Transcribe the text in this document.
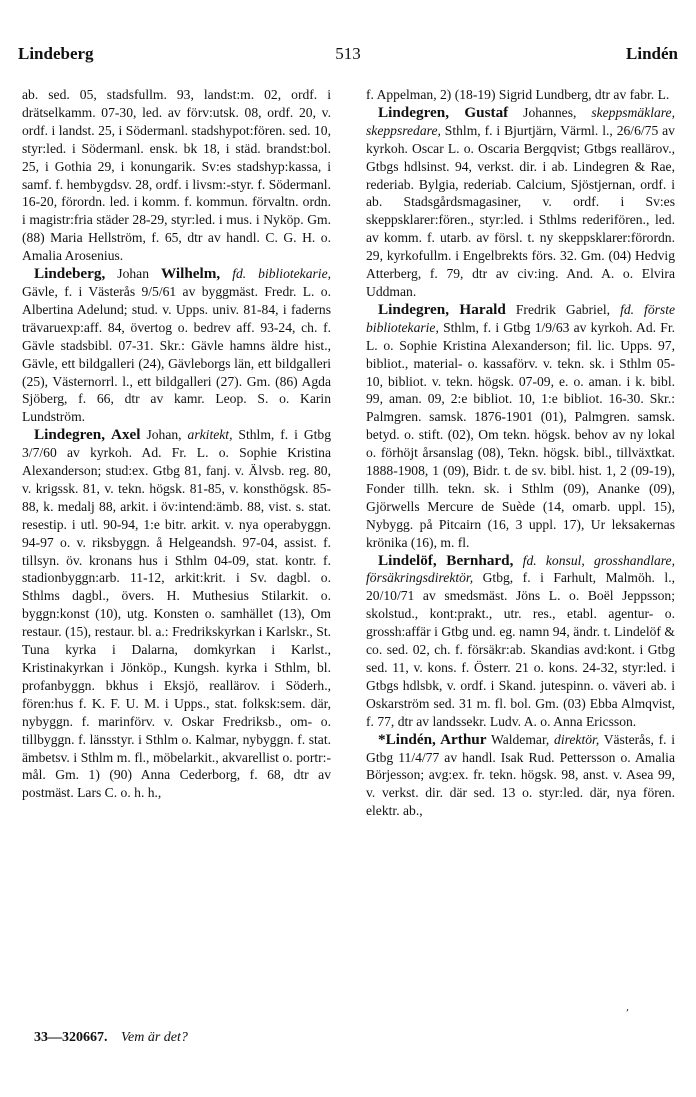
Lindeberg	513	Lindén

ab. sed. 05, stadsfullm. 93, landst:m. 02, ordf. i drätselkamm. 07-30, led. av förv:utsk. 08, ordf. 20, v. ordf. i landst. 25, i Södermanl. stadshypot:fören. sed. 10, styr:led. i Södermanl. ensk. bk 18, i städ. brandst:bol. 25, i Gothia 29, i konungarik. Sv:es stadshyp:kassa, i samf. f. hembygdsv. 28, ordf. i livsm:-styr. f. Södermanl. 16-20, förordn. led. i komm. f. kommun. förvaltn. ordn. i magistr:fria städer 28-29, styr:led. i mus. i Nyköp. Gm. (88) Maria Hellström, f. 65, dtr av handl. C. G. H. o. Amalia Arosenius.

Lindeberg, Johan Wilhelm, fd. bibliotekarie, Gävle, f. i Västerås 9/5/61 av byggmäst. Fredr. L. o. Albertina Adelund; stud. v. Upps. univ. 81-84, i faderns trävaruexp:aff. 84, övertog o. bedrev aff. 93-24, ch. f. Gävle stadsbibl. 07-31. Skr.: Gävle hamns äldre hist., Gävle, ett bildgalleri (24), Gävleborgs län, ett bildgalleri (25), Västernorrl. l., ett bildgalleri (27). Gm. (86) Agda Sjöberg, f. 66, dtr av kamr. Leop. S. o. Karin Lundström.

Lindegren, Axel Johan, arkitekt, Sthlm, f. i Gtbg 3/7/60 av kyrkoh. Ad. Fr. L. o. Sophie Kristina Alexanderson; stud:ex. Gtbg 81, fanj. v. Älvsb. reg. 80, v. krigssk. 81, v. tekn. högsk. 81-85, v. konsthögsk. 85-88, k. medalj 88, arkit. i öv:intend:ämb. 88, vist. s. stat. resestip. i utl. 90-94, 1:e bitr. arkit. v. nya operabyggn. 94-97 o. v. riksbyggn. å Helgeandsh. 97-04, assist. f. tillsyn. öv. kronans hus i Sthlm 04-09, stat. kontr. f. stadionbyggn:arb. 11-12, arkit:krit. i Sv. dagbl. o. Sthlms dagbl., övers. H. Muthesius Stilarkit. o. byggn:konst (10), utg. Konsten o. samhället (13), Om restaur. (15), restaur. bl. a.: Fredrikskyrkan i Karlskr., St. Tuna kyrka i Dalarna, domkyrkan i Karlst., Kristinakyrkan i Jönköp., Kungsh. kyrka i Sthlm, bl. profanbyggn. bkhus i Eksjö, reallärov. i Söderh., fören:hus f. K. F. U. M. i Upps., stat. folksk:sem. där, nybyggn. f. marinförv. v. Oskar Fredriksb., om- o. tillbyggn. f. länsstyr. i Sthlm o. Kalmar, nybyggn. f. stat. ämbetsv. i Sthlm m. fl., möbelarkit., akvarellist o. portr:-mål. Gm. 1) (90) Anna Cederborg, f. 68, dtr av postmäst. Lars C. o. h. h.,

f. Appelman, 2) (18-19) Sigrid Lundberg, dtr av fabr. L.

Lindegren, Gustaf Johannes, skeppsmäklare, skeppsredare, Sthlm, f. i Bjurtjärn, Värml. l., 26/6/75 av kyrkoh. Oscar L. o. Oscaria Bergqvist; Gtbgs reallärov., Gtbgs hdlsinst. 94, verkst. dir. i ab. Lindegren & Rae, rederiab. Bylgia, rederiab. Calcium, Sjöstjernan, ordf. i ab. Stadsgårdsmagasiner, v. ordf. i Sv:es skeppsklarer:fören., styr:led. i Sthlms rederifören., led. av komm. f. utarb. av försl. t. ny skeppsklarer:förordn. 29, kyrkofullm. i Engelbrekts förs. 32. Gm. (04) Hedvig Atterberg, f. 79, dtr av civ:ing. And. A. o. Elvira Uddman.

Lindegren, Harald Fredrik Gabriel, fd. förste bibliotekarie, Sthlm, f. i Gtbg 1/9/63 av kyrkoh. Ad. Fr. L. o. Sophie Kristina Alexanderson; fil. lic. Upps. 97, bibliot., material- o. kassaförv. v. tekn. sk. i Sthlm 05-10, bibliot. v. tekn. högsk. 07-09, e. o. aman. i k. bibl. 99, aman. 09, 2:e bibliot. 10, 1:e bibliot. 16-30. Skr.: Palmgren. samsk. 1876-1901 (01), Palmgren. samsk. betyd. o. stift. (02), Om tekn. högsk. behov av ny lokal o. förhöjt årsanslag (08), Tekn. högsk. bibl., tillväxtkat. 1888-1908, 1 (09), Bidr. t. de sv. bibl. hist. 1, 2 (09-19), Fonder tillh. tekn. sk. i Sthlm (09), Ananke (09), Gjörwells Mercure de Suède (14, omarb. uppl. 15), Nybygg. på Pitcairn (16, 3 uppl. 17), Ur leksakernas krönika (16), m. fl.

Lindelöf, Bernhard, fd. konsul, grosshandlare, försäkringsdirektör, Gtbg, f. i Farhult, Malmöh. l., 20/10/71 av smedsmäst. Jöns L. o. Boël Jeppsson; skolstud., kont:prakt., utr. res., etabl. agentur- o. grossh:affär i Gtbg und. eg. namn 94, ändr. t. Lindelöf & co. sed. 02, ch. f. försäkr:ab. Skandias avd:kont. i Gtbg sed. 11, v. kons. f. Österr. 21 o. kons. 24-32, styr:led. i Gtbgs hdlsbk, v. ordf. i Skand. jutespinn. o. väveri ab. i Oskarström sed. 31 m. fl. bol. Gm. (03) Ebba Almqvist, f. 77, dtr av landssekr. Ludv. A. o. Anna Ericsson.

*Lindén, Arthur Waldemar, direktör, Västerås, f. i Gtbg 11/4/77 av handl. Isak Rud. Pettersson o. Amalia Börjesson; avg:ex. fr. tekn. högsk. 98, anst. v. Asea 99, v. verkst. dir. där sed. 13 o. styr:led. där, nya fören. elektr. ab.,

33—320667. Vem är det?
,
